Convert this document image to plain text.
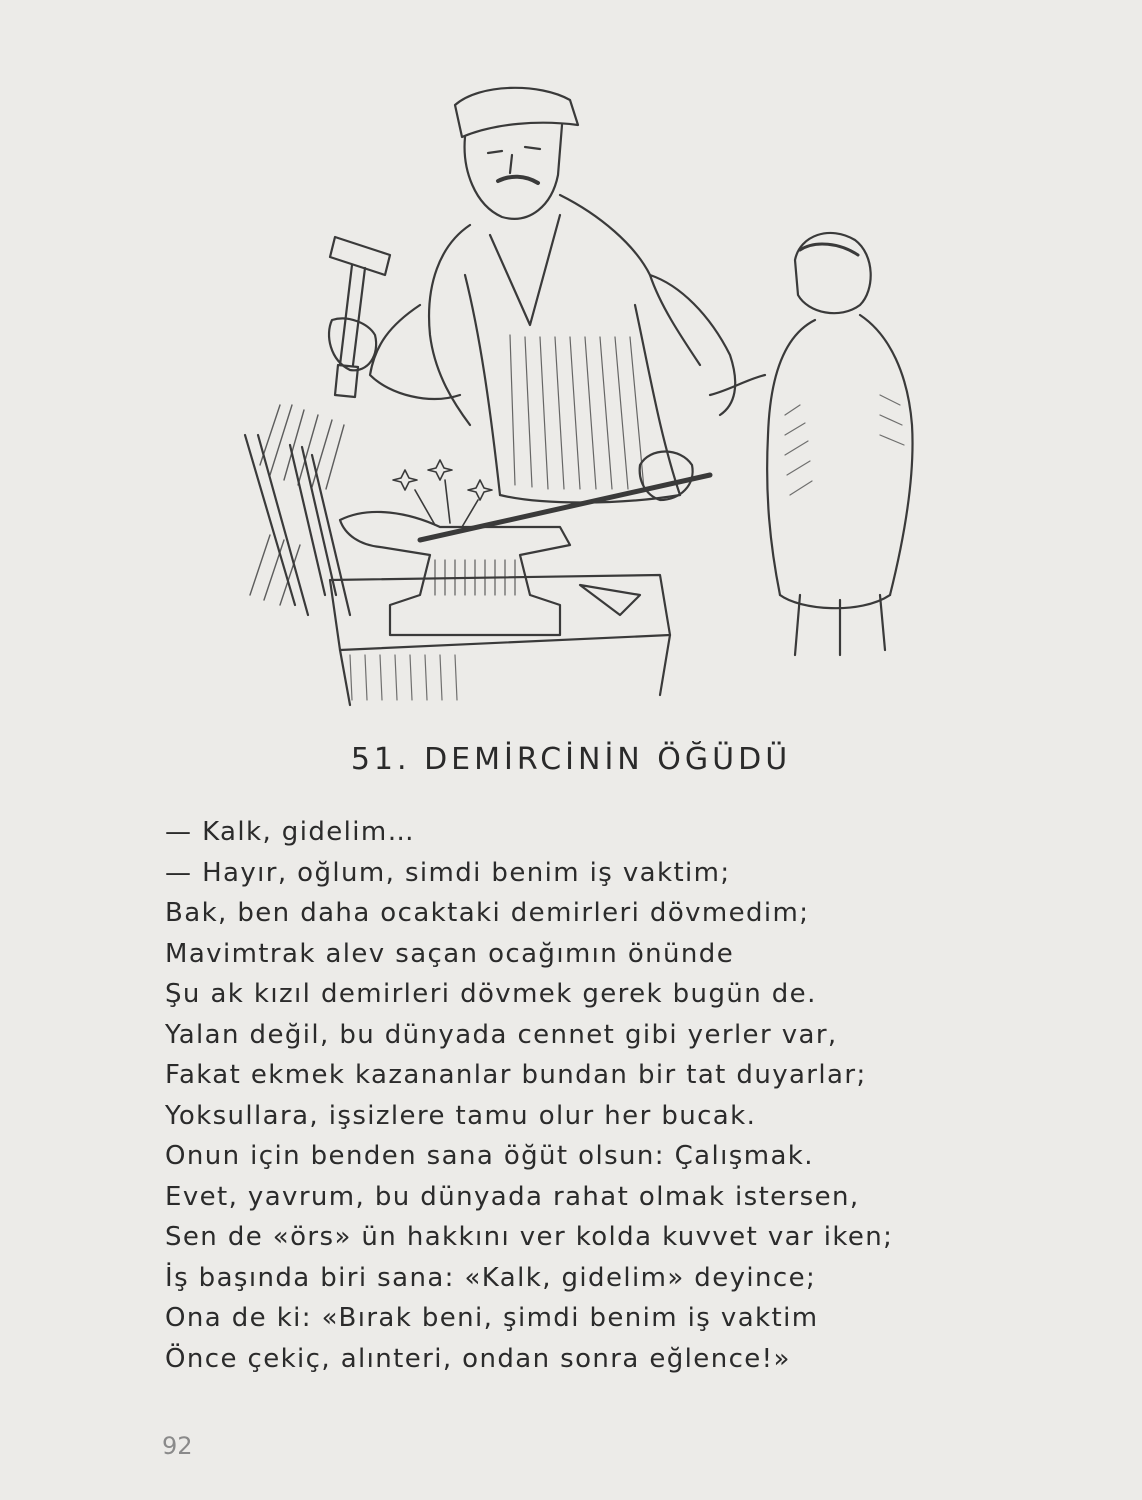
51. DEMİRCİNİN ÖĞÜDÜ
— Kalk, gidelim…
— Hayır, oğlum, simdi benim iş vaktim;
Bak, ben daha ocaktaki demirleri dövmedim;
Mavimtrak alev saçan ocağımın önünde
Şu ak kızıl demirleri dövmek gerek bugün de.
Yalan değil, bu dünyada cennet gibi yerler var,
Fakat ekmek kazananlar bundan bir tat duyarlar;
Yoksullara, işsizlere tamu olur her bucak.
Onun için benden sana öğüt olsun: Çalışmak.
Evet, yavrum, bu dünyada rahat olmak istersen,
Sen de «örs» ün hakkını ver kolda kuvvet var iken;
İş başında biri sana: «Kalk, gidelim» deyince;
Ona de ki: «Bırak beni, şimdi benim iş vaktim
Önce çekiç, alınteri, ondan sonra eğlence!»
92
